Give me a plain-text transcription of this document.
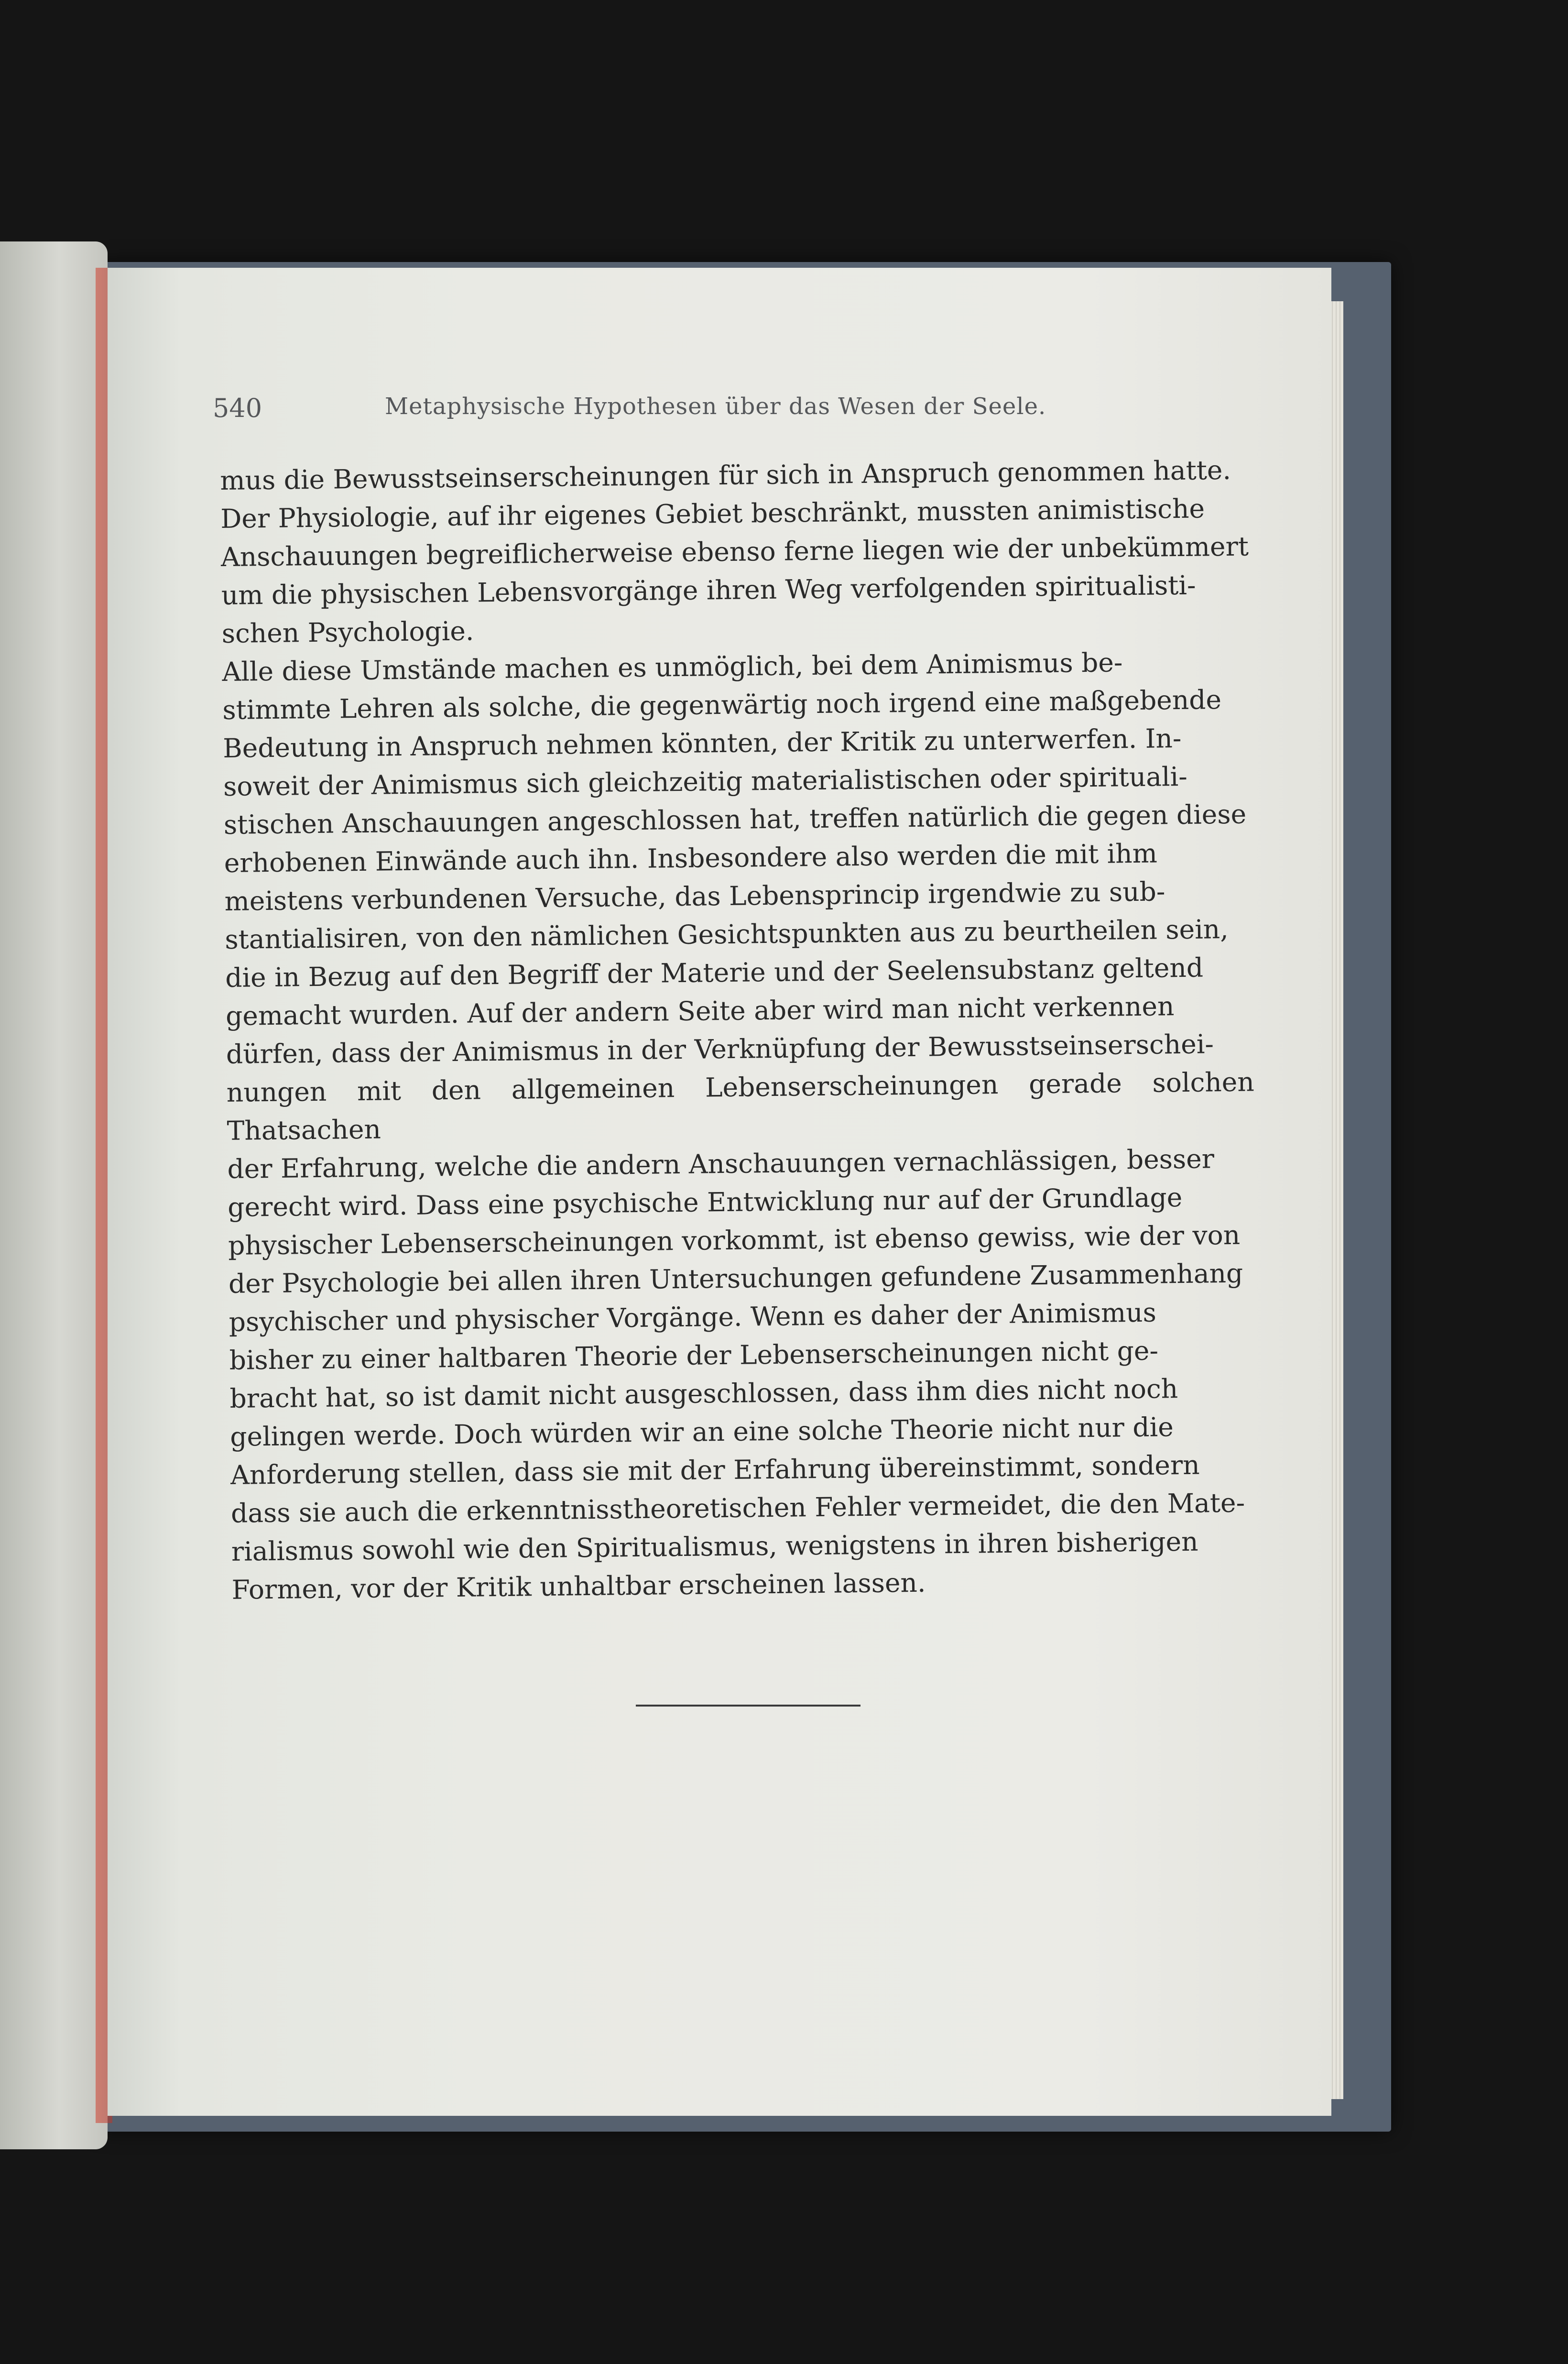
540	Metaphysische Hypothesen über das Wesen der Seele.

mus die Bewusstseinserscheinungen für sich in Anspruch genommen hatte.
Der Physiologie, auf ihr eigenes Gebiet beschränkt, mussten animistische
Anschauungen begreiflicherweise ebenso ferne liegen wie der unbekümmert
um die physischen Lebensvorgänge ihren Weg verfolgenden spiritualisti-
schen Psychologie.

Alle diese Umstände machen es unmöglich, bei dem Animismus be-
stimmte Lehren als solche, die gegenwärtig noch irgend eine maßgebende
Bedeutung in Anspruch nehmen könnten, der Kritik zu unterwerfen. In-
soweit der Animismus sich gleichzeitig materialistischen oder spirituali-
stischen Anschauungen angeschlossen hat, treffen natürlich die gegen diese
erhobenen Einwände auch ihn. Insbesondere also werden die mit ihm
meistens verbundenen Versuche, das Lebensprincip irgendwie zu sub-
stantialisiren, von den nämlichen Gesichtspunkten aus zu beurtheilen sein,
die in Bezug auf den Begriff der Materie und der Seelensubstanz geltend
gemacht wurden. Auf der andern Seite aber wird man nicht verkennen
dürfen, dass der Animismus in der Verknüpfung der Bewusstseinserschei-
nungen mit den allgemeinen Lebenserscheinungen gerade solchen Thatsachen
der Erfahrung, welche die andern Anschauungen vernachlässigen, besser
gerecht wird. Dass eine psychische Entwicklung nur auf der Grundlage
physischer Lebenserscheinungen vorkommt, ist ebenso gewiss, wie der von
der Psychologie bei allen ihren Untersuchungen gefundene Zusammenhang
psychischer und physischer Vorgänge. Wenn es daher der Animismus
bisher zu einer haltbaren Theorie der Lebenserscheinungen nicht ge-
bracht hat, so ist damit nicht ausgeschlossen, dass ihm dies nicht noch
gelingen werde. Doch würden wir an eine solche Theorie nicht nur die
Anforderung stellen, dass sie mit der Erfahrung übereinstimmt, sondern
dass sie auch die erkenntnisstheoretischen Fehler vermeidet, die den Mate-
rialismus sowohl wie den Spiritualismus, wenigstens in ihren bisherigen
Formen, vor der Kritik unhaltbar erscheinen lassen.
